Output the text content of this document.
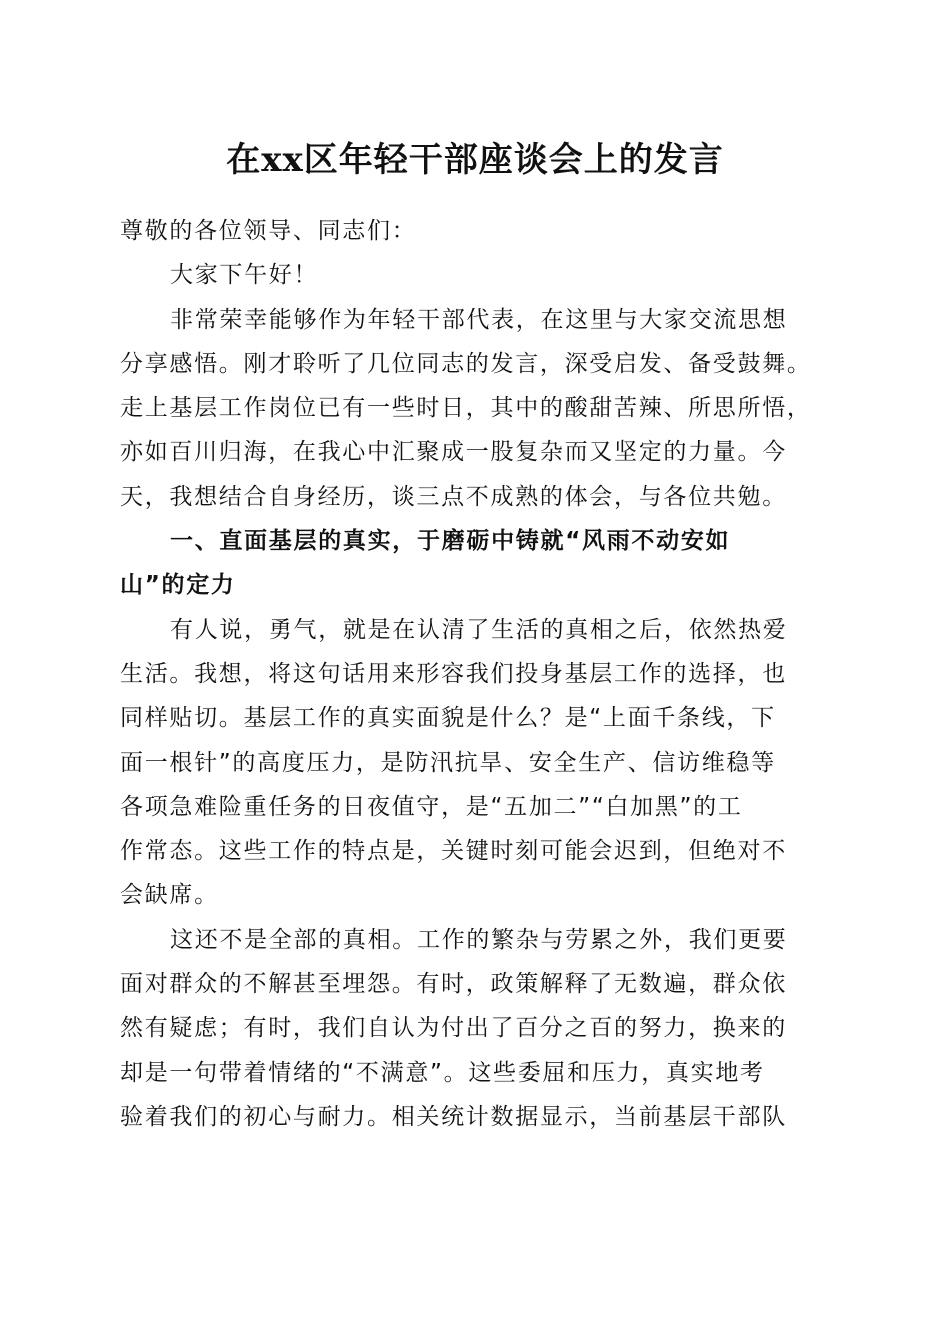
在xx区年轻干部座谈会上的发言
尊敬的各位领导、同志们：
大家下午好！
非常荣幸能够作为年轻干部代表，在这里与大家交流思想
分享感悟。刚才聆听了几位同志的发言，深受启发、备受鼓舞。
走上基层工作岗位已有一些时日，其中的酸甜苦辣、所思所悟，
亦如百川归海，在我心中汇聚成一股复杂而又坚定的力量。今
天，我想结合自身经历，谈三点不成熟的体会，与各位共勉。
一、直面基层的真实，于磨砺中铸就“风雨不动安如
山”的定力
有人说，勇气，就是在认清了生活的真相之后，依然热爱
生活。我想，将这句话用来形容我们投身基层工作的选择，也
同样贴切。基层工作的真实面貌是什么？是“上面千条线，下
面一根针”的高度压力，是防汛抗旱、安全生产、信访维稳等
各项急难险重任务的日夜值守，是“五加二”“白加黑”的工
作常态。这些工作的特点是，关键时刻可能会迟到，但绝对不
会缺席。
这还不是全部的真相。工作的繁杂与劳累之外，我们更要
面对群众的不解甚至埋怨。有时，政策解释了无数遍，群众依
然有疑虑；有时，我们自认为付出了百分之百的努力，换来的
却是一句带着情绪的“不满意”。这些委屈和压力，真实地考
验着我们的初心与耐力。相关统计数据显示，当前基层干部队
